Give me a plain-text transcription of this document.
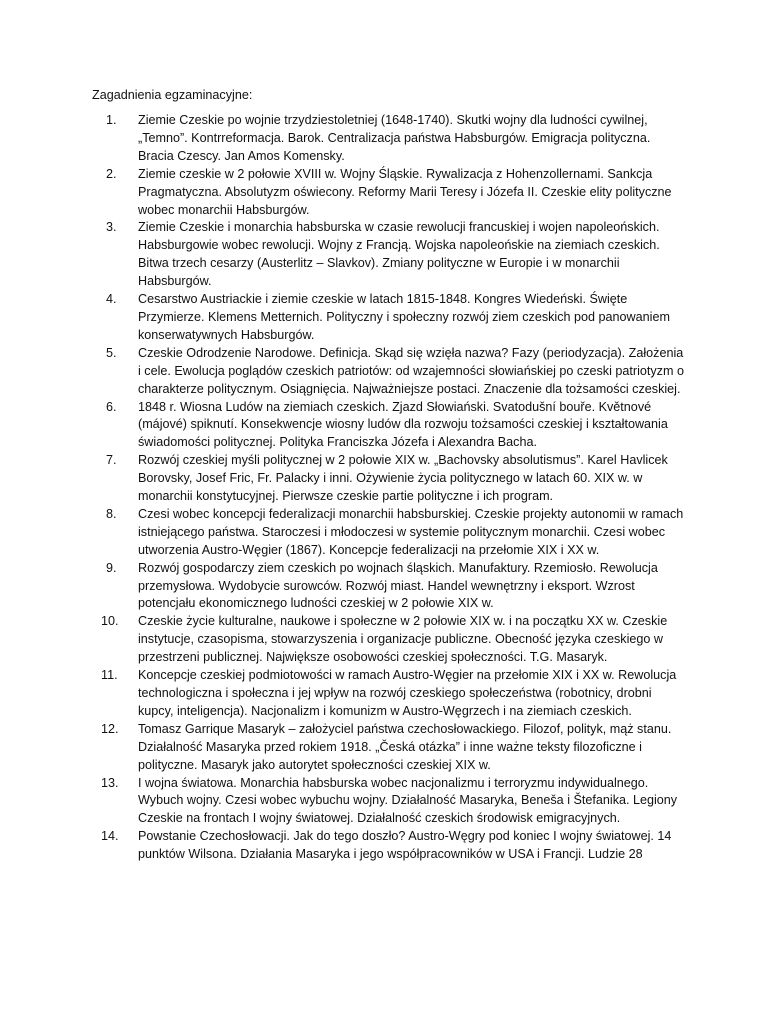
Zagadnienia egzaminacyjne:
1.	Ziemie Czeskie po wojnie trzydziestoletniej (1648-1740). Skutki wojny dla ludności cywilnej,„Temno”. Kontrreformacja. Barok. Centralizacja państwa Habsburgów. Emigracja polityczna. Bracia Czescy. Jan Amos Komensky.
2.	Ziemie czeskie w 2 połowie XVIII w. Wojny Śląskie. Rywalizacja z Hohenzollernami. Sankcja Pragmatyczna. Absolutyzm oświecony. Reformy Marii Teresy i Józefa II. Czeskie elity polityczne wobec monarchii Habsburgów.
3.	Ziemie Czeskie i monarchia habsburska w czasie rewolucji francuskiej i wojen napoleońskich. Habsburgowie wobec rewolucji. Wojny z Francją. Wojska napoleońskie na ziemiach czeskich. Bitwa trzech cesarzy (Austerlitz – Slavkov). Zmiany polityczne w Europie i w monarchii Habsburgów.
4.	Cesarstwo Austriackie i ziemie czeskie w latach 1815-1848. Kongres Wiedeński. Święte Przymierze. Klemens Metternich. Polityczny i społeczny rozwój ziem czeskich pod panowaniem konserwatywnych Habsburgów.
5.	Czeskie Odrodzenie Narodowe. Definicja. Skąd się wzięła nazwa? Fazy (periodyzacja). Założenia i cele. Ewolucja poglądów czeskich patriotów: od wzajemności słowiańskiej po czeski patriotyzm o charakterze politycznym. Osiągnięcia. Najważniejsze postaci. Znaczenie dla tożsamości czeskiej.
6.	1848 r. Wiosna Ludów na ziemiach czeskich. Zjazd Słowiański. Svatodušní bouře. Květnové (májové) spiknutí. Konsekwencje wiosny ludów dla rozwoju tożsamości czeskiej i kształtowania świadomości politycznej. Polityka Franciszka Józefa i Alexandra Bacha.
7.	Rozwój czeskiej myśli politycznej w 2 połowie XIX w. „Bachovsky absolutismus”. Karel Havlicek Borovsky, Josef Fric, Fr. Palacky i inni. Ożywienie życia politycznego w latach 60. XIX w. w monarchii konstytucyjnej. Pierwsze czeskie partie polityczne i ich program.
8.	Czesi wobec koncepcji federalizacji monarchii habsburskiej. Czeskie projekty autonomii w ramach istniejącego państwa. Staroczesi i młodoczesi w systemie politycznym monarchii. Czesi wobec utworzenia Austro-Węgier (1867). Koncepcje federalizacji na przełomie XIX i XX w.
9.	Rozwój gospodarczy ziem czeskich po wojnach śląskich. Manufaktury. Rzemiosło. Rewolucja przemysłowa. Wydobycie surowców. Rozwój miast. Handel wewnętrzny i eksport. Wzrost potencjału ekonomicznego ludności czeskiej w 2 połowie XIX w.
10.	Czeskie życie kulturalne, naukowe i społeczne w 2 połowie XIX w. i na początku XX w. Czeskie instytucje, czasopisma, stowarzyszenia i organizacje publiczne. Obecność języka czeskiego w przestrzeni publicznej. Największe osobowości czeskiej społeczności. T.G. Masaryk.
11.	Koncepcje czeskiej podmiotowości w ramach Austro-Węgier na przełomie XIX i XX w. Rewolucja technologiczna i społeczna i jej wpływ na rozwój czeskiego społeczeństwa (robotnicy, drobni kupcy, inteligencja). Nacjonalizm i komunizm w Austro-Węgrzech i na ziemiach czeskich.
12.	Tomasz Garrique Masaryk – założyciel państwa czechosłowackiego. Filozof, polityk, mąż stanu. Działalność Masaryka przed rokiem 1918. „Česká otázka” i inne ważne teksty filozoficzne i polityczne. Masaryk jako autorytet społeczności czeskiej XIX w.
13.	I wojna światowa. Monarchia habsburska wobec nacjonalizmu i terroryzmu indywidualnego. Wybuch wojny. Czesi wobec wybuchu wojny. Działalność Masaryka, Beneša i Štefanika. Legiony Czeskie na frontach I wojny światowej. Działalność czeskich środowisk emigracyjnych.
14.	Powstanie Czechosłowacji. Jak do tego doszło? Austro-Węgry pod koniec I wojny światowej. 14 punktów Wilsona. Działania Masaryka i jego współpracowników w USA i Francji. Ludzie 28
